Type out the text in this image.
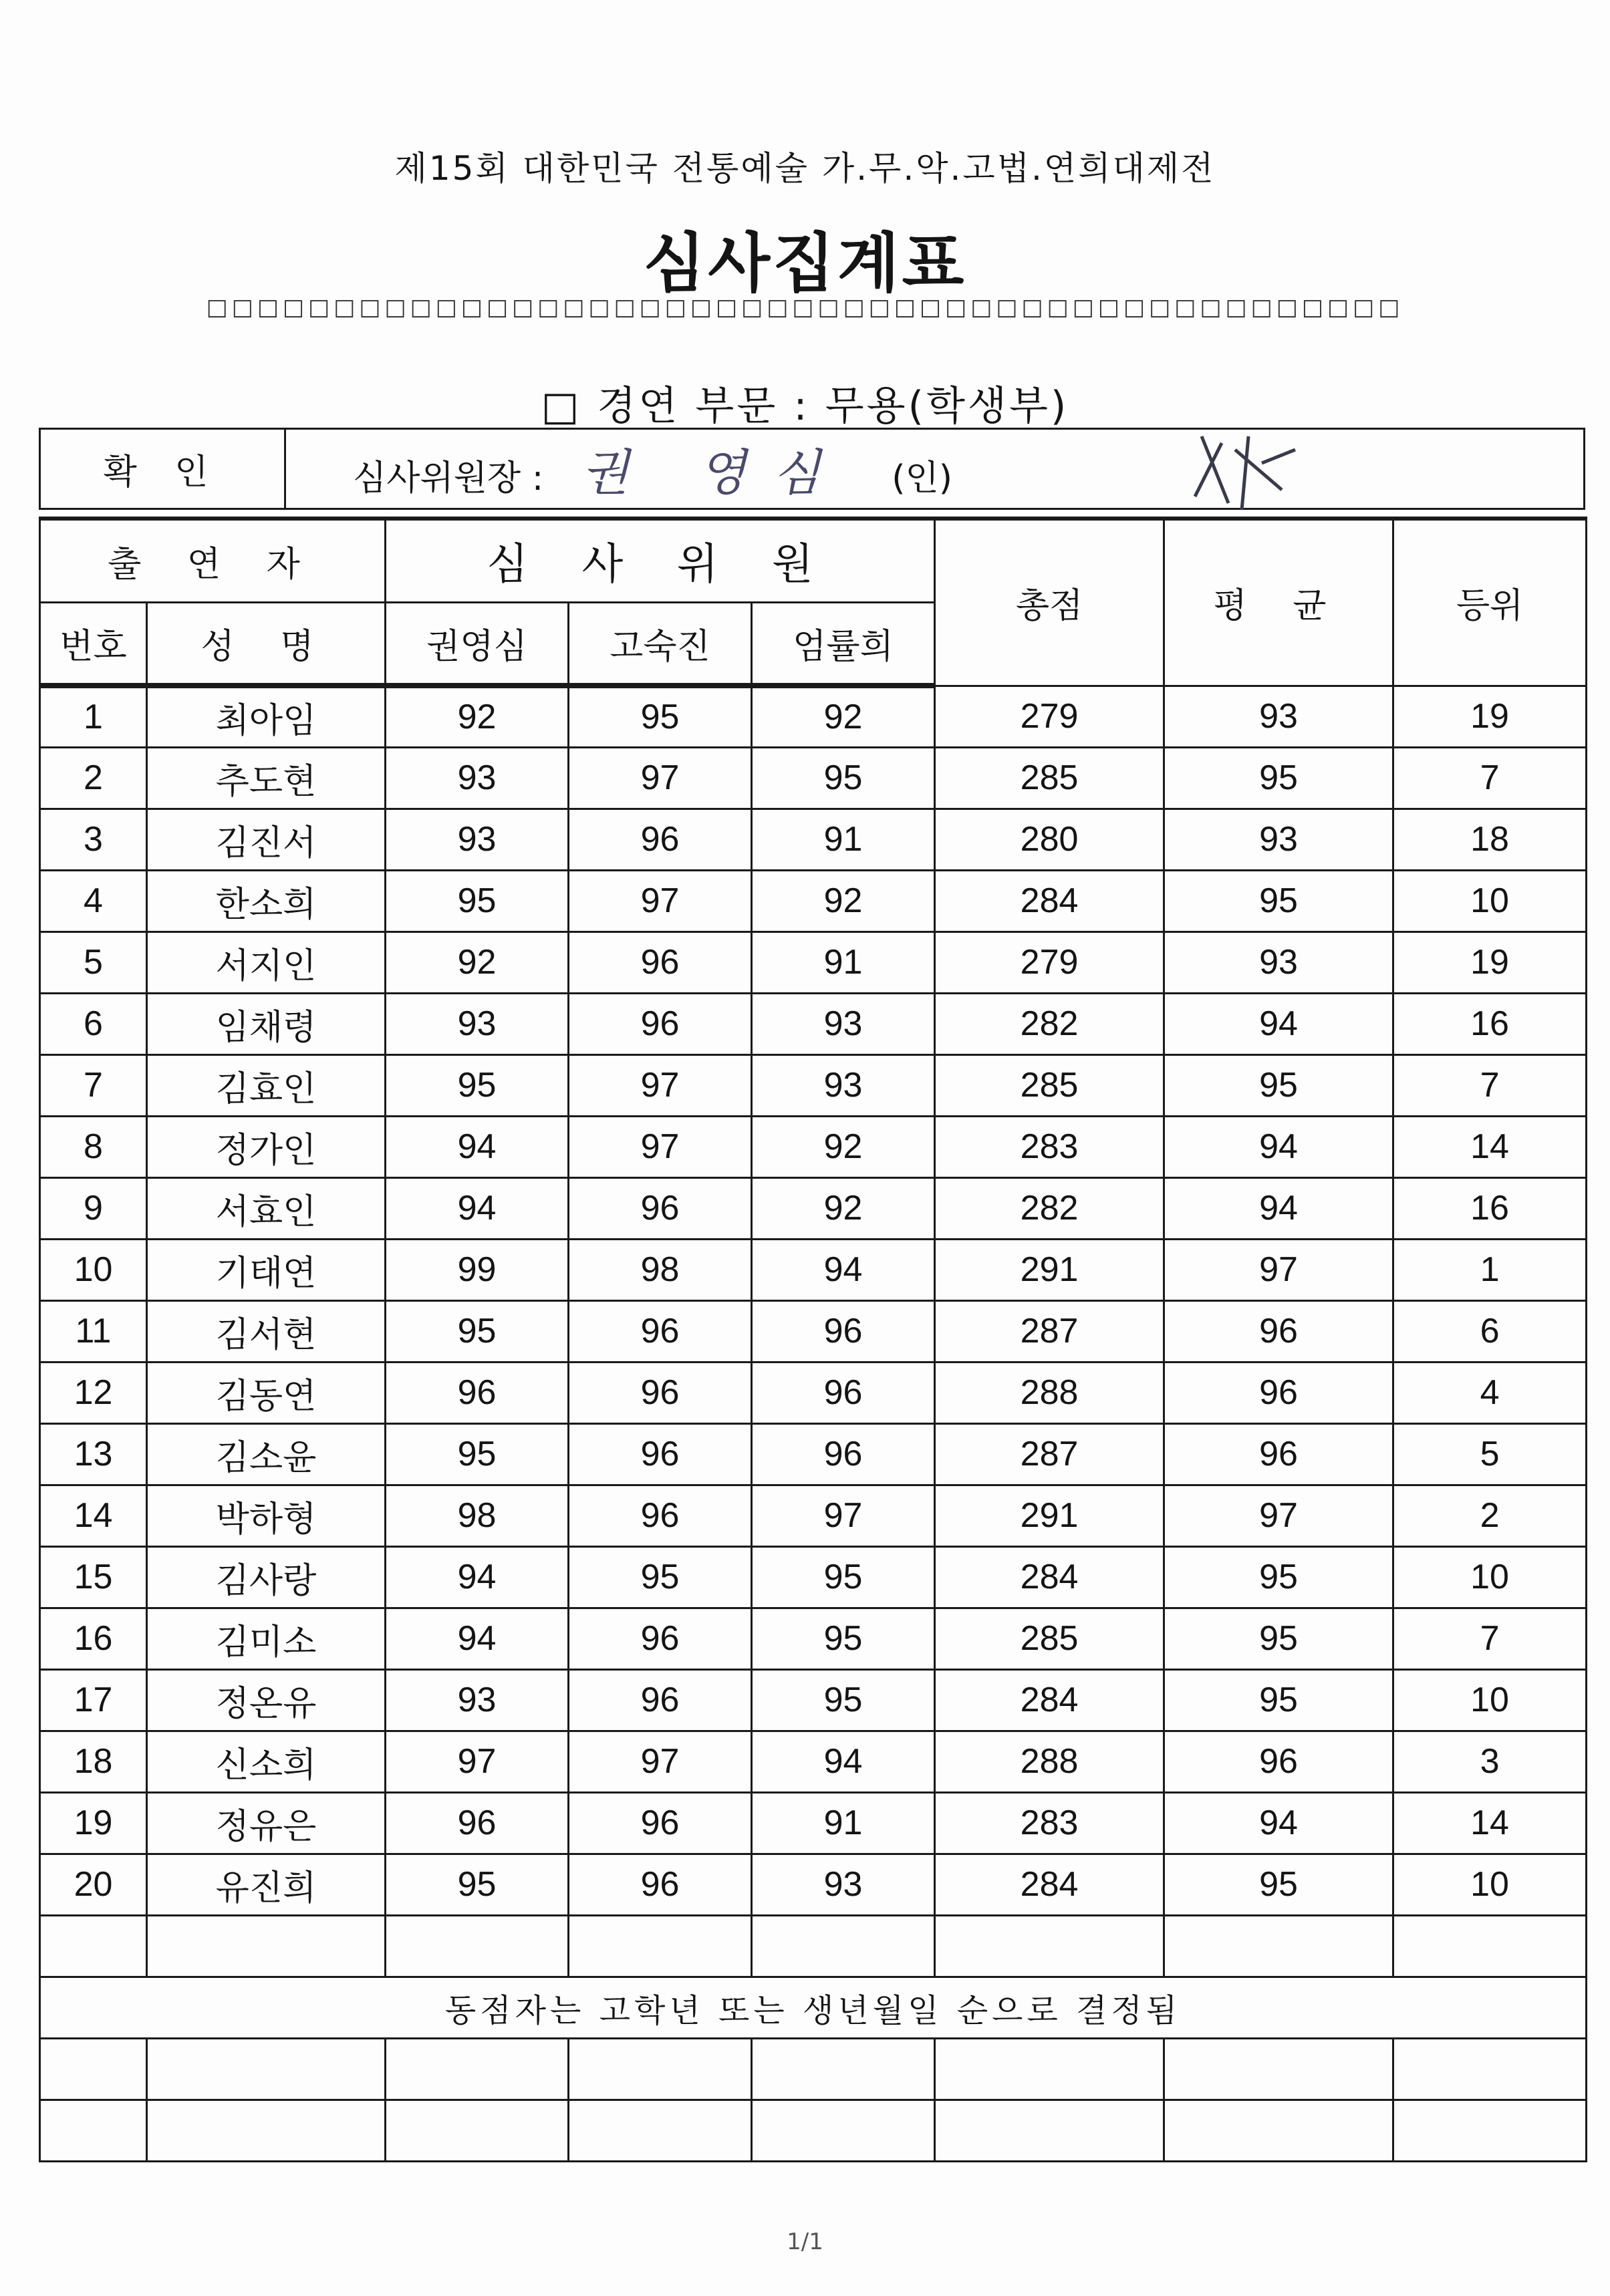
제15회 대한민국 전통예술 가.무.악.고법.연희대제전
심사집계표
□□□□□□□□□□□□□□□□□□□□□□□□□□□□□□□□□□□□□□□□□□□□□□□
□ 경연 부문 : 무용(학생부)
확 인	심사위원장 : 권 영심 (인)
출 연 자		심 사 위 원			총점	평 균	등위
번호	성 명	권영심	고숙진	엄률희			
1	최아임	92	95	92	279	93	19
2	추도현	93	97	95	285	95	7
3	김진서	93	96	91	280	93	18
4	한소희	95	97	92	284	95	10
5	서지인	92	96	91	279	93	19
6	임채령	93	96	93	282	94	16
7	김효인	95	97	93	285	95	7
8	정가인	94	97	92	283	94	14
9	서효인	94	96	92	282	94	16
10	기태연	99	98	94	291	97	1
11	김서현	95	96	96	287	96	6
12	김동연	96	96	96	288	96	4
13	김소윤	95	96	96	287	96	5
14	박하형	98	96	97	291	97	2
15	김사랑	94	95	95	284	95	10
16	김미소	94	96	95	285	95	7
17	정온유	93	96	95	284	95	10
18	신소희	97	97	94	288	96	3
19	정유은	96	96	91	283	94	14
20	유진희	95	96	93	284	95	10

동점자는 고학년 또는 생년월일 순으로 결정됨							

1/1
